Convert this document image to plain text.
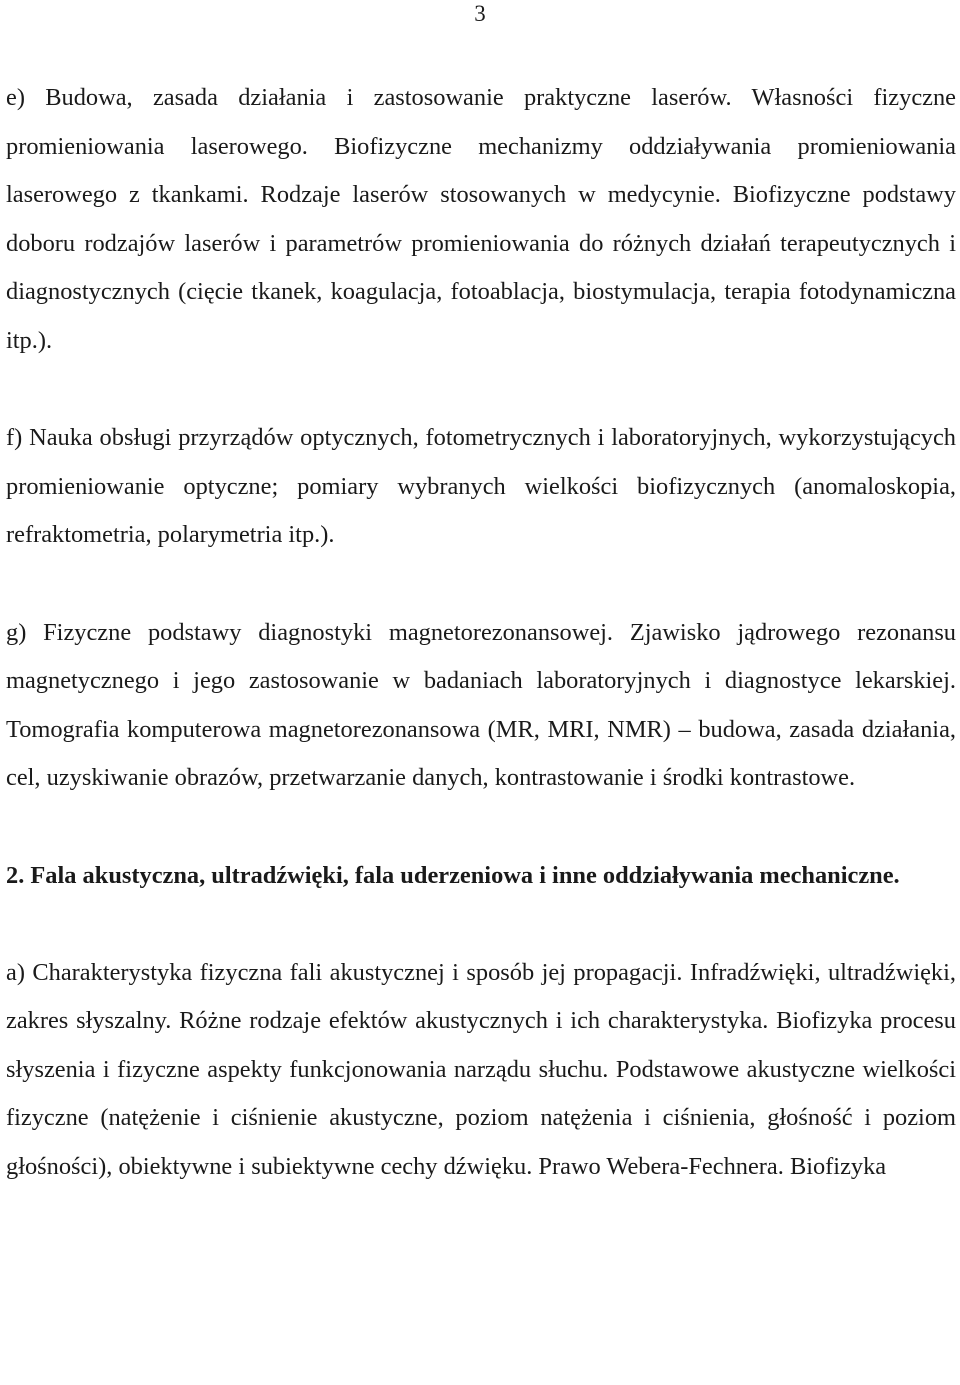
3

e) Budowa, zasada działania i zastosowanie praktyczne laserów. Własności fizyczne promieniowania laserowego. Biofizyczne mechanizmy oddziaływania promieniowania laserowego z tkankami. Rodzaje laserów stosowanych w medycynie. Biofizyczne podstawy doboru rodzajów laserów i parametrów promieniowania do różnych działań terapeutycznych i diagnostycznych (cięcie tkanek, koagulacja, fotoablacja, biostymulacja, terapia fotodynamiczna itp.).

f) Nauka obsługi przyrządów optycznych, fotometrycznych i laboratoryjnych, wykorzystujących promieniowanie optyczne; pomiary wybranych wielkości biofizycznych (anomaloskopia, refraktometria, polarymetria itp.).

g) Fizyczne podstawy diagnostyki magnetorezonansowej. Zjawisko jądrowego rezonansu magnetycznego i jego zastosowanie w badaniach laboratoryjnych i diagnostyce lekarskiej. Tomografia komputerowa magnetorezonansowa (MR, MRI, NMR) – budowa, zasada działania, cel, uzyskiwanie obrazów, przetwarzanie danych, kontrastowanie i środki kontrastowe.

2. Fala akustyczna, ultradźwięki, fala uderzeniowa i inne oddziaływania mechaniczne.

a) Charakterystyka fizyczna fali akustycznej i sposób jej propagacji. Infradźwięki, ultradźwięki, zakres słyszalny. Różne rodzaje efektów akustycznych i ich charakterystyka. Biofizyka procesu słyszenia i fizyczne aspekty funkcjonowania narządu słuchu. Podstawowe akustyczne wielkości fizyczne (natężenie i ciśnienie akustyczne, poziom natężenia i ciśnienia, głośność i poziom głośności), obiektywne i subiektywne cechy dźwięku. Prawo Webera-Fechnera. Biofizyka
